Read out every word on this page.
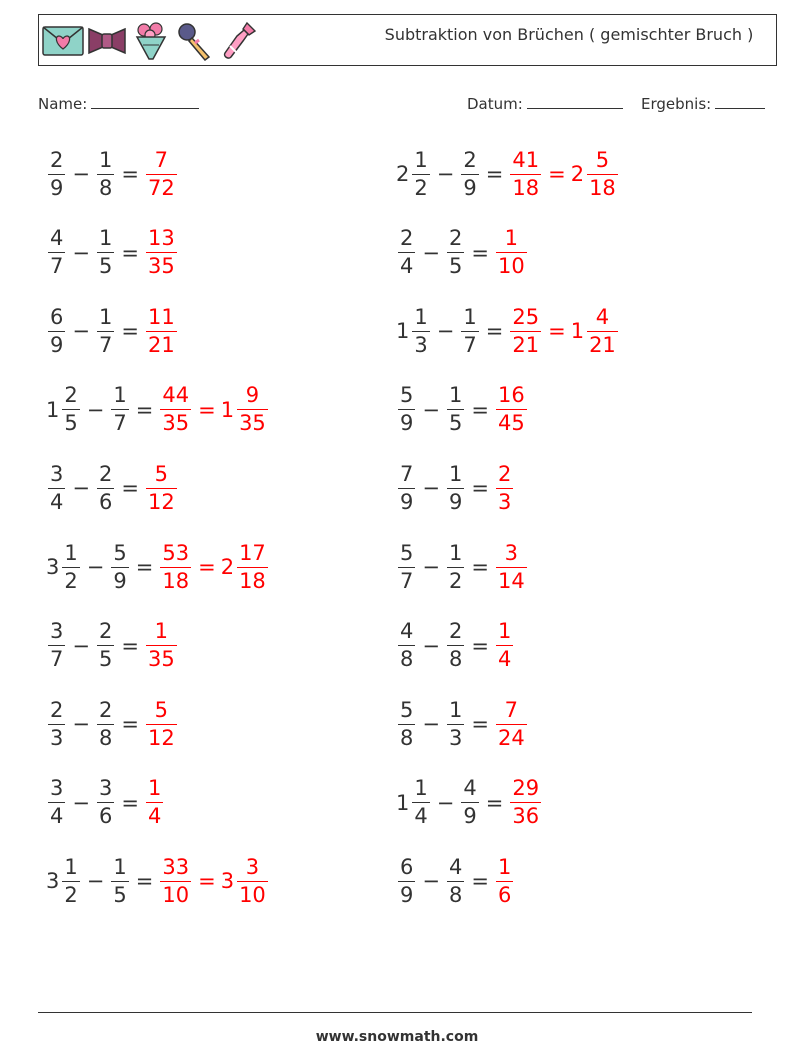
Subtraktion von Brüchen ( gemischter Bruch )
Name:	Datum:	Ergebnis:
$\frac{2}{9} - \frac{1}{8} = \frac{7}{72}$
$\frac{4}{7} - \frac{1}{5} = \frac{13}{35}$
$\frac{6}{9} - \frac{1}{7} = \frac{11}{21}$
$1 \frac{2}{5} - \frac{1}{7} = \frac{44}{35} = 1 \frac{9}{35}$
$\frac{3}{4} - \frac{2}{6} = \frac{5}{12}$
$3 \frac{1}{2} - \frac{5}{9} = \frac{53}{18} = 2 \frac{17}{18}$
$\frac{3}{7} - \frac{2}{5} = \frac{1}{35}$
$\frac{2}{3} - \frac{2}{8} = \frac{5}{12}$
$\frac{3}{4} - \frac{3}{6} = \frac{1}{4}$
$3 \frac{1}{2} - \frac{1}{5} = \frac{33}{10} = 3 \frac{3}{10}$
$2 \frac{1}{2} - \frac{2}{9} = \frac{41}{18} = 2 \frac{5}{18}$
$\frac{2}{4} - \frac{2}{5} = \frac{1}{10}$
$1 \frac{1}{3} - \frac{1}{7} = \frac{25}{21} = 1 \frac{4}{21}$
$\frac{5}{9} - \frac{1}{5} = \frac{16}{45}$
$\frac{7}{9} - \frac{1}{9} = \frac{2}{3}$
$\frac{5}{7} - \frac{1}{2} = \frac{3}{14}$
$\frac{4}{8} - \frac{2}{8} = \frac{1}{4}$
$\frac{5}{8} - \frac{1}{3} = \frac{7}{24}$
$1 \frac{1}{4} - \frac{4}{9} = \frac{29}{36}$
$\frac{6}{9} - \frac{4}{8} = \frac{1}{6}$
www.snowmath.com
